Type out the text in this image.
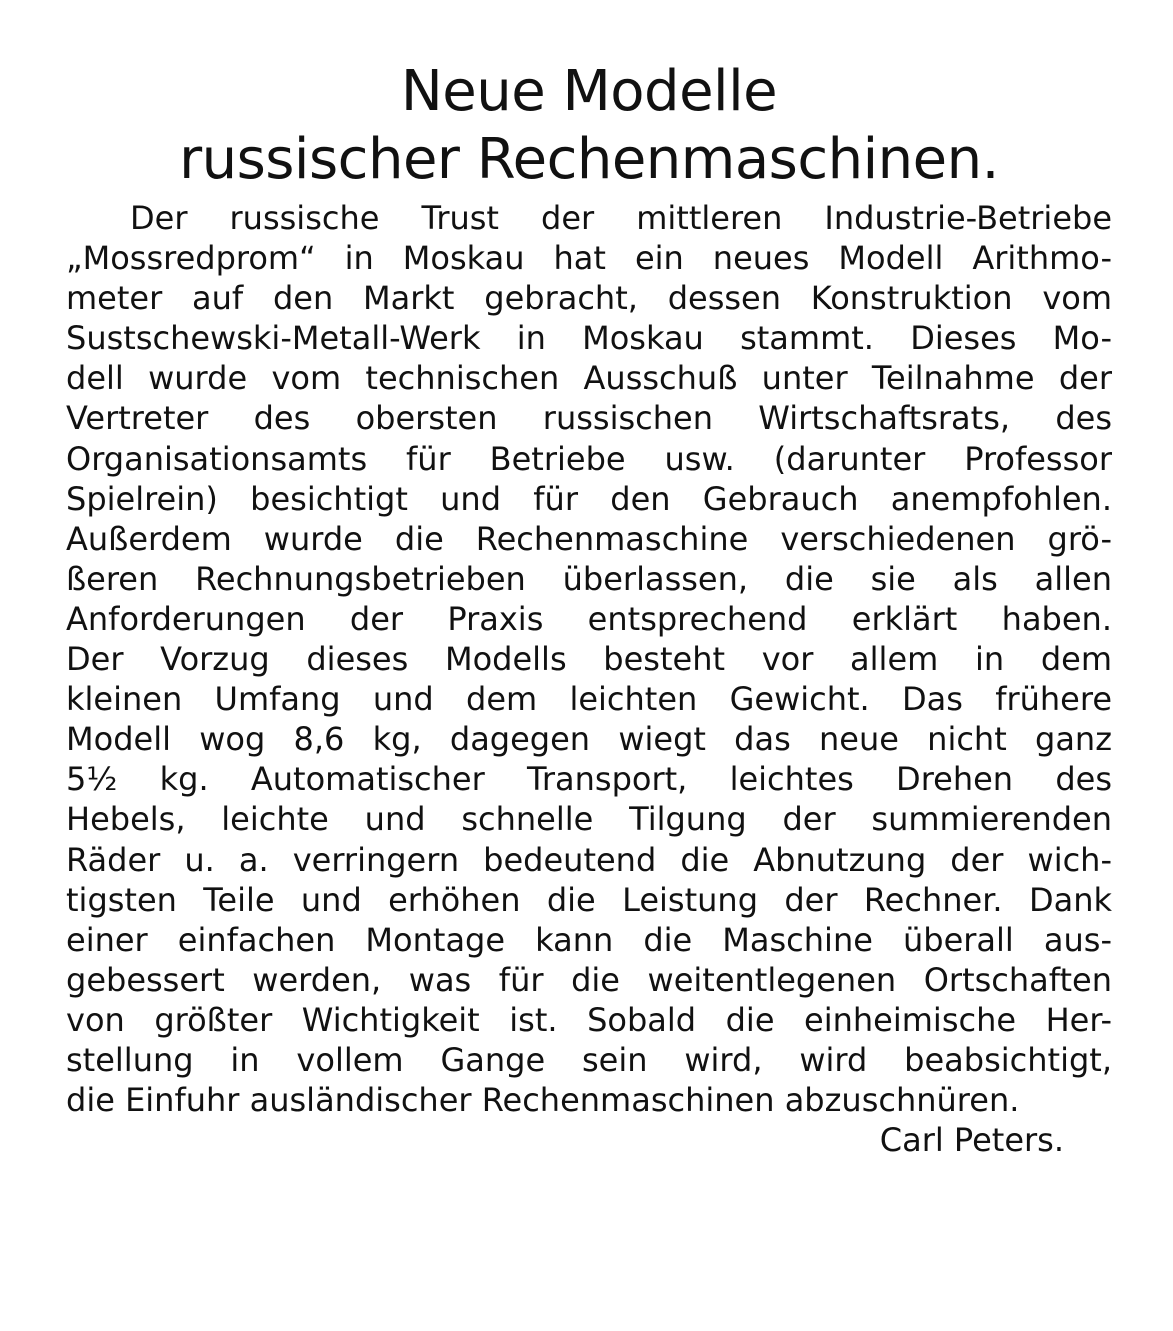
Neue Modelle
russischer Rechenmaschinen.
Der russische Trust der mittleren Industrie-Betriebe
„Mossredprom“ in Moskau hat ein neues Modell Arithmo-
meter auf den Markt gebracht, dessen Konstruktion vom
Sustschewski-Metall-Werk in Moskau stammt. Dieses Mo-
dell wurde vom technischen Ausschuß unter Teilnahme der
Vertreter des obersten russischen Wirtschaftsrats, des
Organisationsamts für Betriebe usw. (darunter Professor
Spielrein) besichtigt und für den Gebrauch anempfohlen.
Außerdem wurde die Rechenmaschine verschiedenen grö-
ßeren Rechnungsbetrieben überlassen, die sie als allen
Anforderungen der Praxis entsprechend erklärt haben.
Der Vorzug dieses Modells besteht vor allem in dem
kleinen Umfang und dem leichten Gewicht. Das frühere
Modell wog 8,6 kg, dagegen wiegt das neue nicht ganz
5½ kg. Automatischer Transport, leichtes Drehen des
Hebels, leichte und schnelle Tilgung der summierenden
Räder u. a. verringern bedeutend die Abnutzung der wich-
tigsten Teile und erhöhen die Leistung der Rechner. Dank
einer einfachen Montage kann die Maschine überall aus-
gebessert werden, was für die weitentlegenen Ortschaften
von größter Wichtigkeit ist. Sobald die einheimische Her-
stellung in vollem Gange sein wird, wird beabsichtigt,
die Einfuhr ausländischer Rechenmaschinen abzuschnüren.
Carl Peters.
